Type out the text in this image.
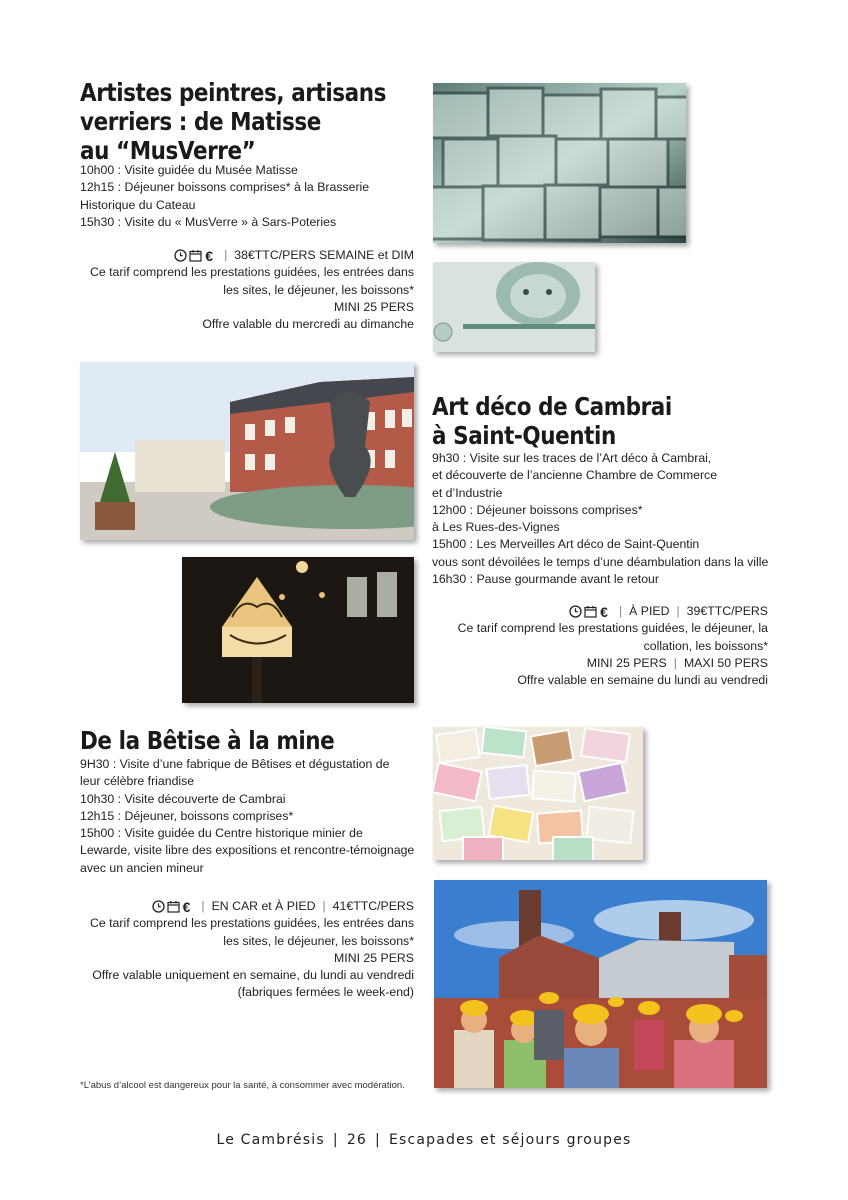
Artistes peintres, artisans
verriers : de Matisse
au “MusVerre”
10h00 : Visite guidée du Musée Matisse
12h15 : Déjeuner boissons comprises* à la Brasserie
Historique du Cateau
15h30 : Visite du « MusVerre » à Sars-Poteries
€ | 38€TTC/PERS SEMAINE et DIM
Ce tarif comprend les prestations guidées, les entrées dans
les sites, le déjeuner, les boissons*
MINI 25 PERS
Offre valable du mercredi au dimanche
Art déco de Cambrai
à Saint-Quentin
9h30 : Visite sur les traces de l’Art déco à Cambrai,
et découverte de l’ancienne Chambre de Commerce
et d’Industrie
12h00 : Déjeuner boissons comprises*
à Les Rues-des-Vignes
15h00 : Les Merveilles Art déco de Saint-Quentin
vous sont dévoilées le temps d’une déambulation dans la ville
16h30 : Pause gourmande avant le retour
€ | À PIED | 39€TTC/PERS
Ce tarif comprend les prestations guidées, le déjeuner, la
collation, les boissons*
MINI 25 PERS | MAXI 50 PERS
Offre valable en semaine du lundi au vendredi
De la Bêtise à la mine
9H30 : Visite d’une fabrique de Bêtises et dégustation de
leur célèbre friandise
10h30 : Visite découverte de Cambrai
12h15 : Déjeuner, boissons comprises*
15h00 : Visite guidée du Centre historique minier de
Lewarde, visite libre des expositions et rencontre-témoignage
avec un ancien mineur
€ | EN CAR et À PIED | 41€TTC/PERS
Ce tarif comprend les prestations guidées, les entrées dans
les sites, le déjeuner, les boissons*
MINI 25 PERS
Offre valable uniquement en semaine, du lundi au vendredi
(fabriques fermées le week-end)
*L’abus d’alcool est dangereux pour la santé, à consommer avec modération.
Le Cambrésis | 26 | Escapades et séjours groupes
